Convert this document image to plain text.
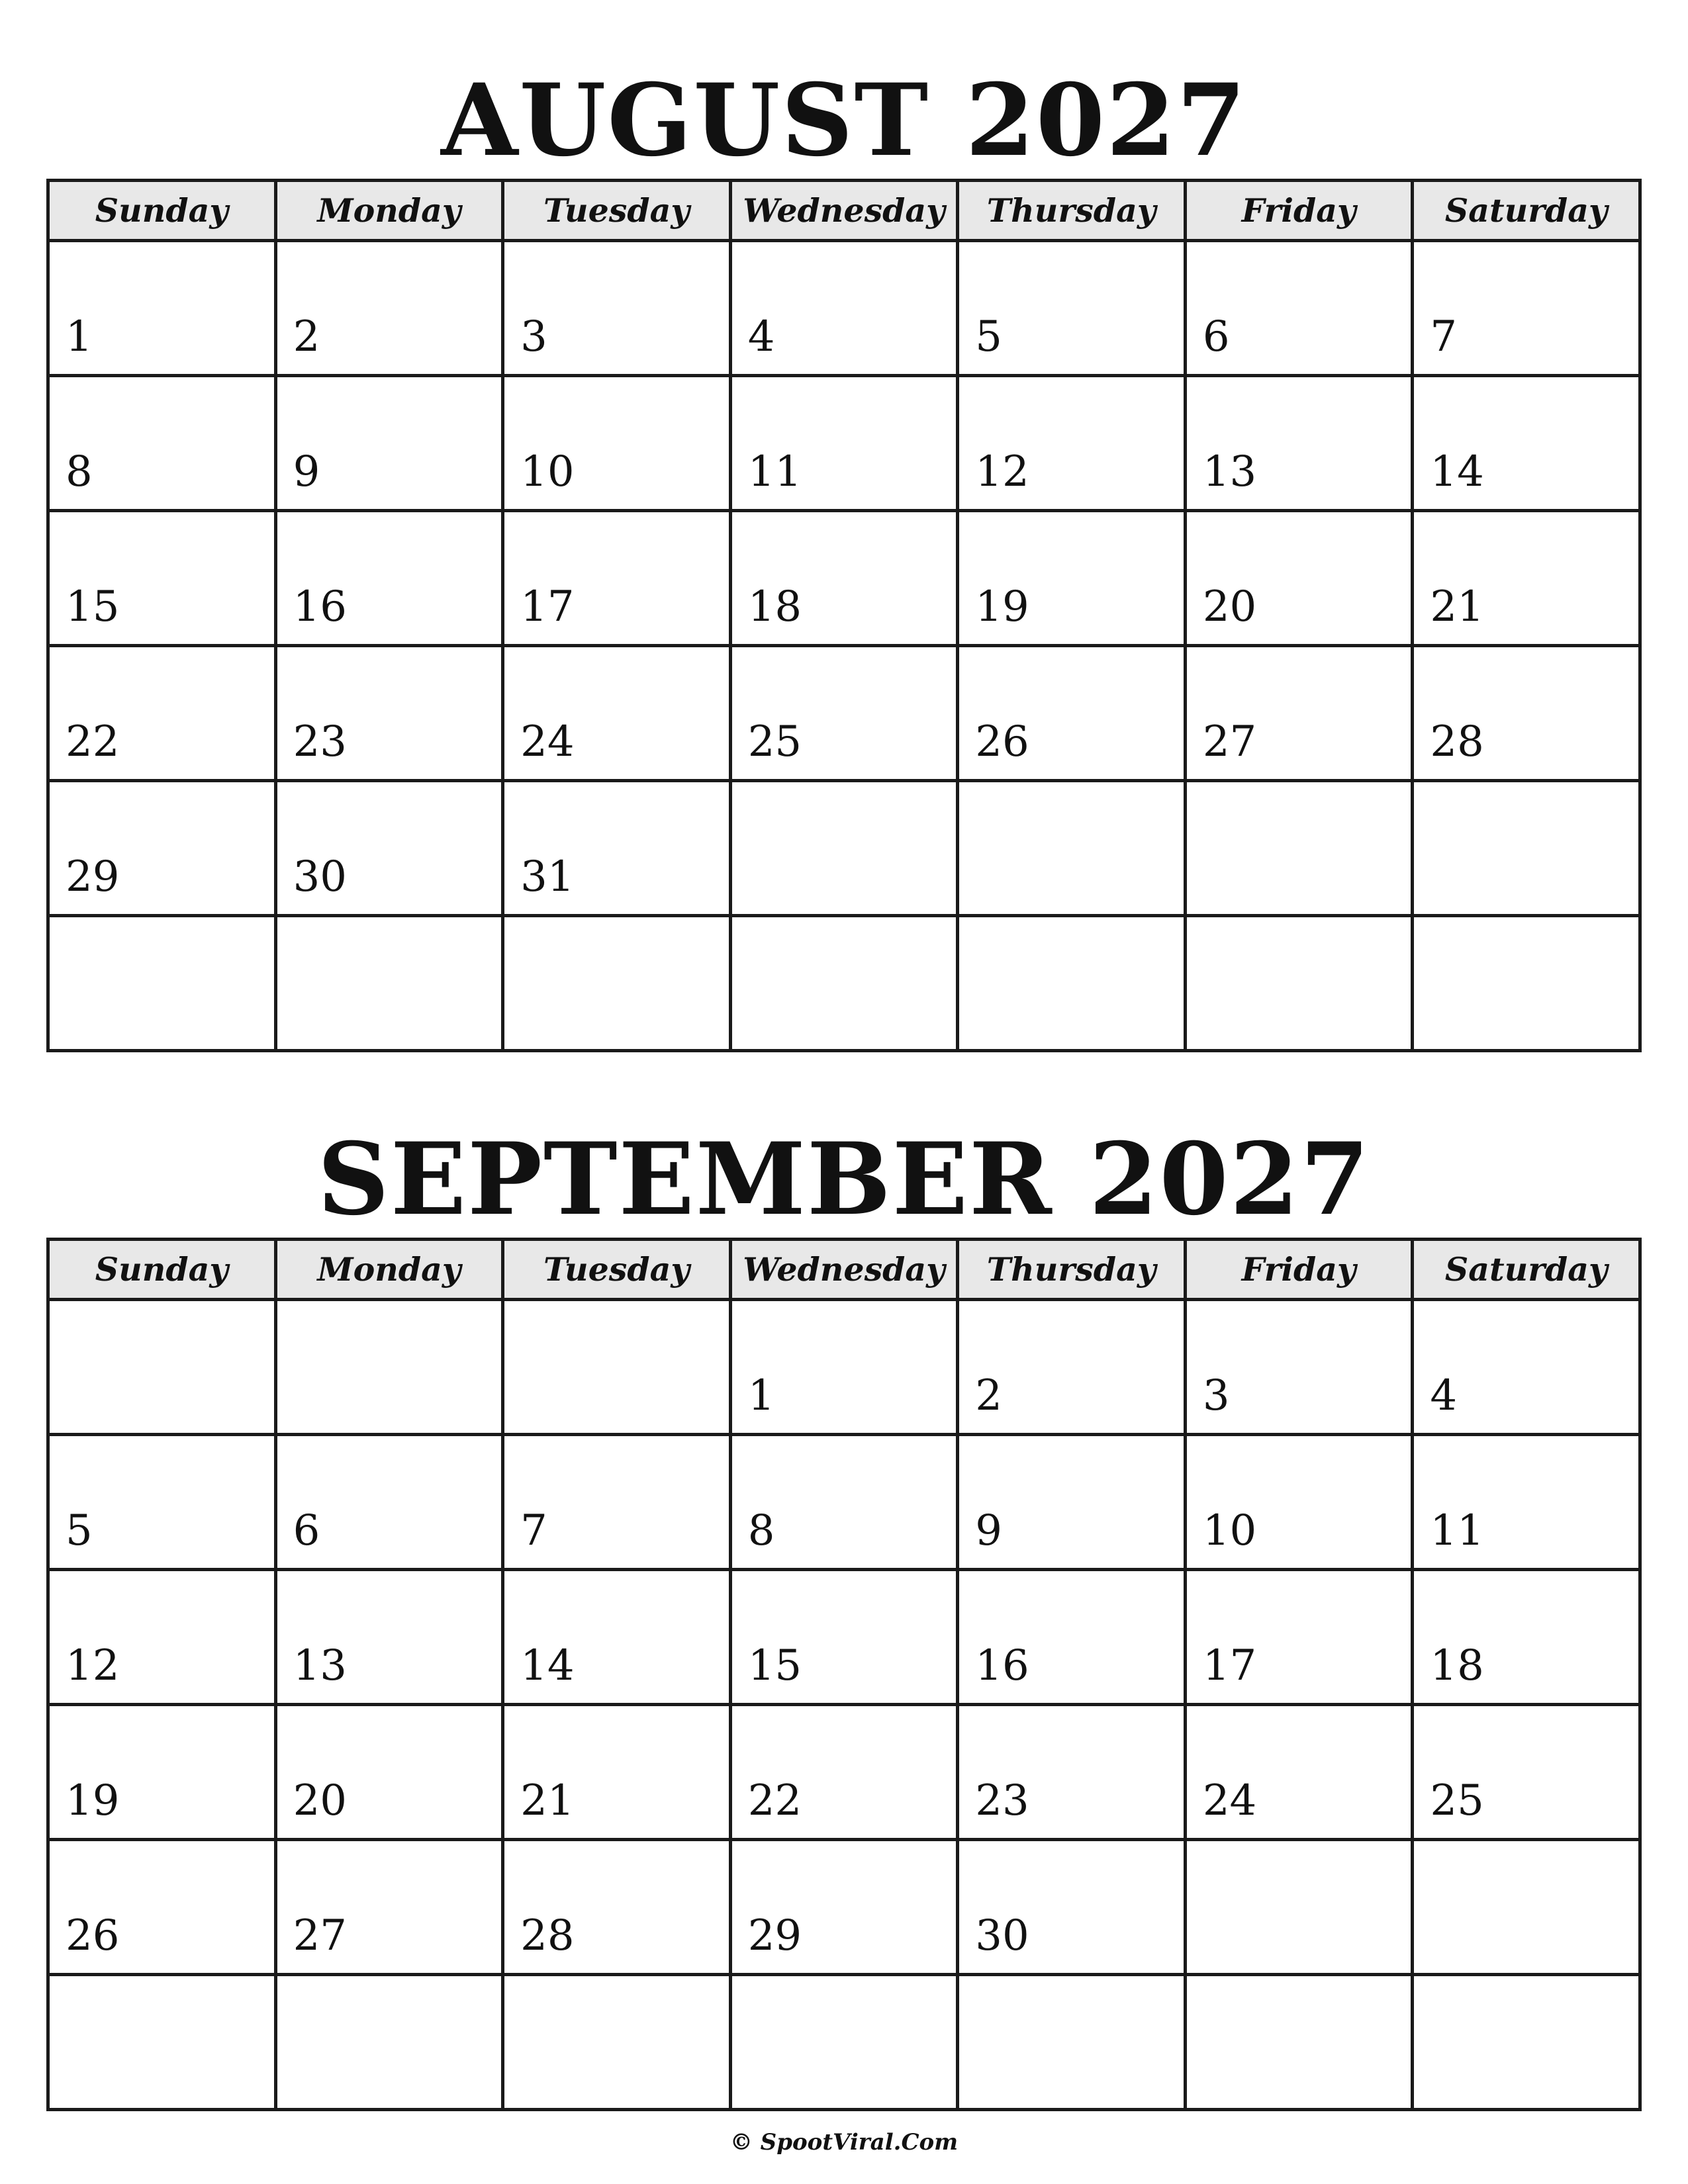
AUGUST 2027
Sunday	Monday	Tuesday	Wednesday	Thursday	Friday	Saturday

1	2	3	4	5	6	7

8	9	10	11	12	13	14

15	16	17	18	19	20	21

22	23	24	25	26	27	28

29	30	31				

SEPTEMBER 2027
Sunday	Monday	Tuesday	Wednesday	Thursday	Friday	Saturday

			1	2	3	4

5	6	7	8	9	10	11

12	13	14	15	16	17	18

19	20	21	22	23	24	25

26	27	28	29	30		

© SpootViral.Com
